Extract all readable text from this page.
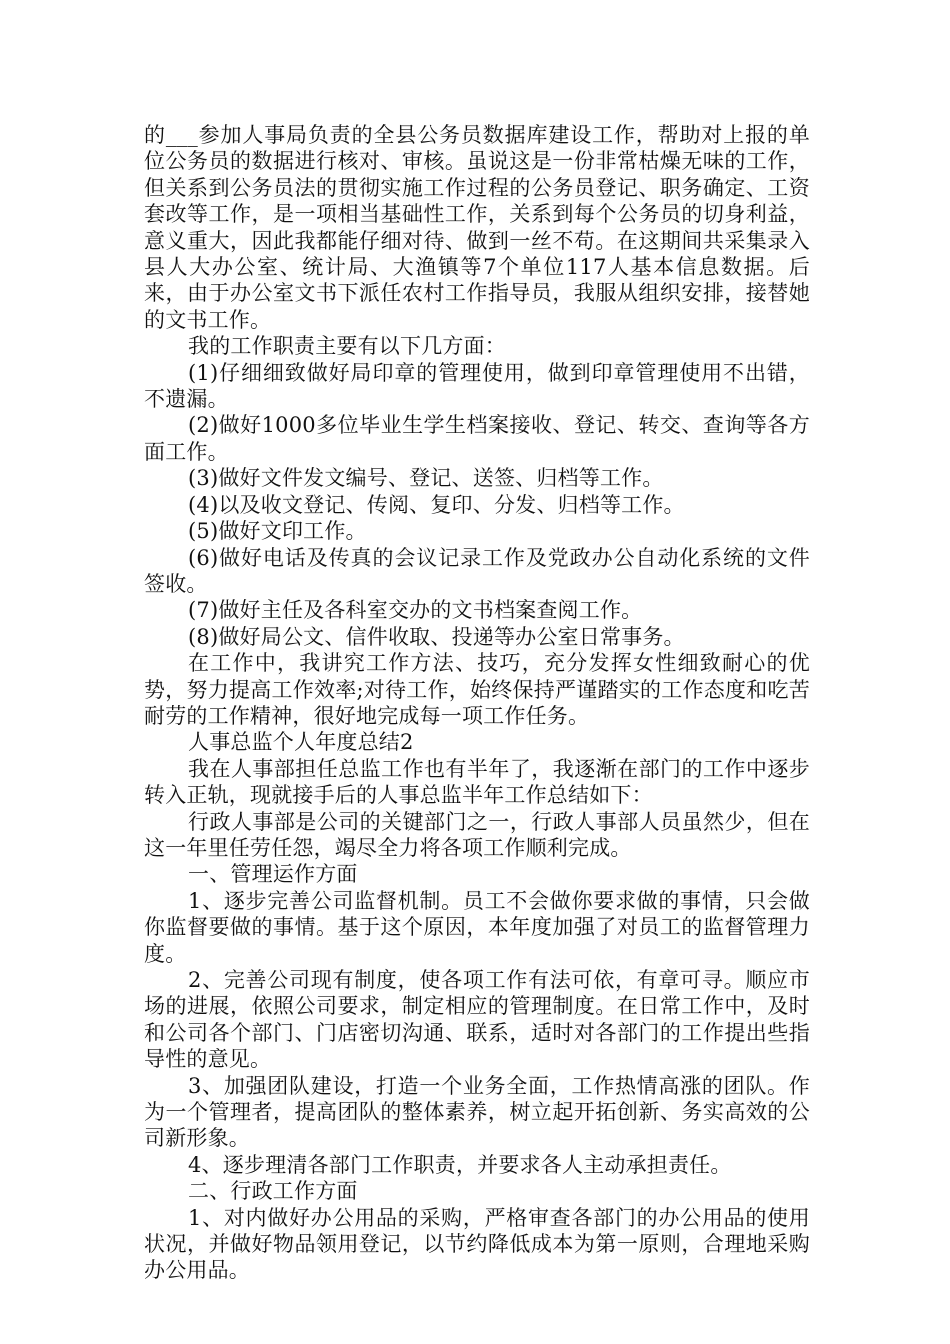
的___参加人事局负责的全县公务员数据库建设工作，帮助对上报的单位公务员的数据进行核对、审核。虽说这是一份非常枯燥无味的工作，但关系到公务员法的贯彻实施工作过程的公务员登记、职务确定、工资套改等工作，是一项相当基础性工作，关系到每个公务员的切身利益，意义重大，因此我都能仔细对待、做到一丝不苟。在这期间共采集录入县人大办公室、统计局、大渔镇等7个单位117人基本信息数据。后来，由于办公室文书下派任农村工作指导员，我服从组织安排，接替她的文书工作。

我的工作职责主要有以下几方面：

(1)仔细细致做好局印章的管理使用，做到印章管理使用不出错，不遗漏。

(2)做好1000多位毕业生学生档案接收、登记、转交、查询等各方面工作。

(3)做好文件发文编号、登记、送签、归档等工作。

(4)以及收文登记、传阅、复印、分发、归档等工作。

(5)做好文印工作。

(6)做好电话及传真的会议记录工作及党政办公自动化系统的文件签收。

(7)做好主任及各科室交办的文书档案查阅工作。

(8)做好局公文、信件收取、投递等办公室日常事务。

在工作中，我讲究工作方法、技巧，充分发挥女性细致耐心的优势，努力提高工作效率;对待工作，始终保持严谨踏实的工作态度和吃苦耐劳的工作精神，很好地完成每一项工作任务。

人事总监个人年度总结2

我在人事部担任总监工作也有半年了，我逐渐在部门的工作中逐步转入正轨，现就接手后的人事总监半年工作总结如下：

行政人事部是公司的关键部门之一，行政人事部人员虽然少，但在这一年里任劳任怨，竭尽全力将各项工作顺利完成。

一、管理运作方面

1、逐步完善公司监督机制。员工不会做你要求做的事情，只会做你监督要做的事情。基于这个原因，本年度加强了对员工的监督管理力度。

2、完善公司现有制度，使各项工作有法可依，有章可寻。顺应市场的进展，依照公司要求，制定相应的管理制度。在日常工作中，及时和公司各个部门、门店密切沟通、联系，适时对各部门的工作提出些指导性的意见。

3、加强团队建设，打造一个业务全面，工作热情高涨的团队。作为一个管理者，提高团队的整体素养，树立起开拓创新、务实高效的公司新形象。

4、逐步理清各部门工作职责，并要求各人主动承担责任。

二、行政工作方面

1、对内做好办公用品的采购，严格审查各部门的办公用品的使用状况，并做好物品领用登记，以节约降低成本为第一原则，合理地采购办公用品。
